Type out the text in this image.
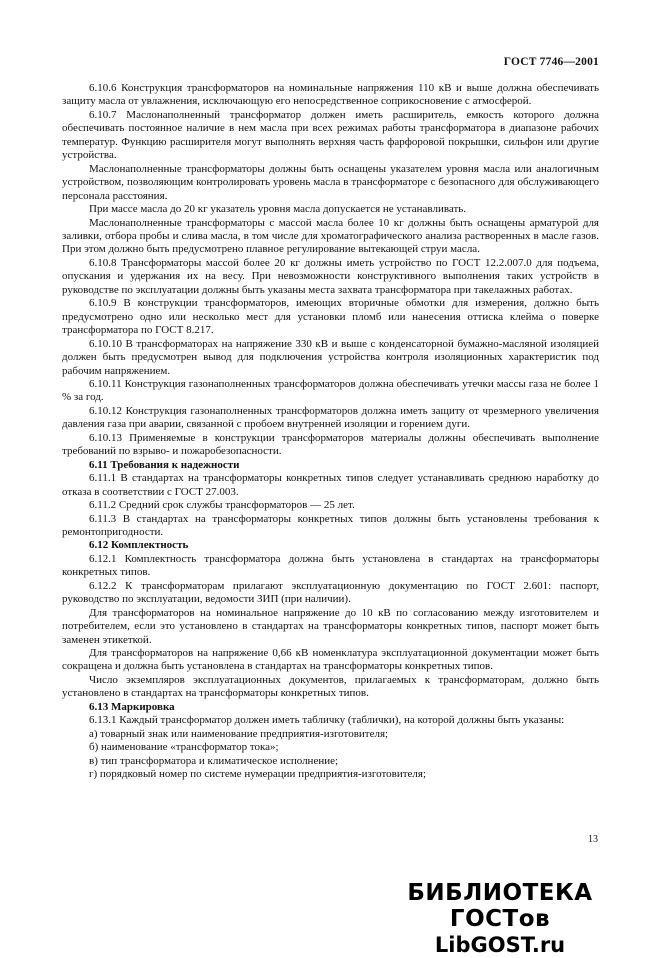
ГОСТ 7746—2001

6.10.6 Конструкция трансформаторов на номинальные напряжения 110 кВ и выше должна обеспечивать защиту масла от увлажнения, исключающую его непосредственное соприкосновение с атмосферой.

6.10.7 Маслонаполненный трансформатор должен иметь расширитель, емкость которого должна обеспечивать постоянное наличие в нем масла при всех режимах работы трансформатора в диапазоне рабочих температур. Функцию расширителя могут выполнять верхняя часть фарфоровой покрышки, сильфон или другие устройства.

Маслонаполненные трансформаторы должны быть оснащены указателем уровня масла или аналогичным устройством, позволяющим контролировать уровень масла в трансформаторе с безопасного для обслуживающего персонала расстояния.

При массе масла до 20 кг указатель уровня масла допускается не устанавливать.

Маслонаполненные трансформаторы с массой масла более 10 кг должны быть оснащены арматурой для заливки, отбора пробы и слива масла, в том числе для хроматографического анализа растворенных в масле газов. При этом должно быть предусмотрено плавное регулирование вытекающей струи масла.

6.10.8 Трансформаторы массой более 20 кг должны иметь устройство по ГОСТ 12.2.007.0 для подъема, опускания и удержания их на весу. При невозможности конструктивного выполнения таких устройств в руководстве по эксплуатации должны быть указаны места захвата трансформатора при такелажных работах.

6.10.9 В конструкции трансформаторов, имеющих вторичные обмотки для измерения, должно быть предусмотрено одно или несколько мест для установки пломб или нанесения оттиска клейма о поверке трансформатора по ГОСТ 8.217.

6.10.10 В трансформаторах на напряжение 330 кВ и выше с конденсаторной бумажно-масляной изоляцией должен быть предусмотрен вывод для подключения устройства контроля изоляционных характеристик под рабочим напряжением.

6.10.11 Конструкция газонаполненных трансформаторов должна обеспечивать утечки массы газа не более 1 % за год.

6.10.12 Конструкция газонаполненных трансформаторов должна иметь защиту от чрезмерного увеличения давления газа при аварии, связанной с пробоем внутренней изоляции и горением дуги.

6.10.13 Применяемые в конструкции трансформаторов материалы должны обеспечивать выполнение требований по взрыво- и пожаробезопасности.

6.11 Требования к надежности

6.11.1 В стандартах на трансформаторы конкретных типов следует устанавливать среднюю наработку до отказа в соответствии с ГОСТ 27.003.

6.11.2 Средний срок службы трансформаторов — 25 лет.

6.11.3 В стандартах на трансформаторы конкретных типов должны быть установлены требования к ремонтопригодности.

6.12 Комплектность

6.12.1 Комплектность трансформатора должна быть установлена в стандартах на трансформаторы конкретных типов.

6.12.2 К трансформаторам прилагают эксплуатационную документацию по ГОСТ 2.601: паспорт, руководство по эксплуатации, ведомости ЗИП (при наличии).

Для трансформаторов на номинальное напряжение до 10 кВ по согласованию между изготовителем и потребителем, если это установлено в стандартах на трансформаторы конкретных типов, паспорт может быть заменен этикеткой.

Для трансформаторов на напряжение 0,66 кВ номенклатура эксплуатационной документации может быть сокращена и должна быть установлена в стандартах на трансформаторы конкретных типов.

Число экземпляров эксплуатационных документов, прилагаемых к трансформаторам, должно быть установлено в стандартах на трансформаторы конкретных типов.

6.13 Маркировка

6.13.1 Каждый трансформатор должен иметь табличку (таблички), на которой должны быть указаны:

а) товарный знак или наименование предприятия-изготовителя;

б) наименование «трансформатор тока»;

в) тип трансформатора и климатическое исполнение;

г) порядковый номер по системе нумерации предприятия-изготовителя;

13
БИБЛИОТЕКА ГОСТов
LibGOST.ru
